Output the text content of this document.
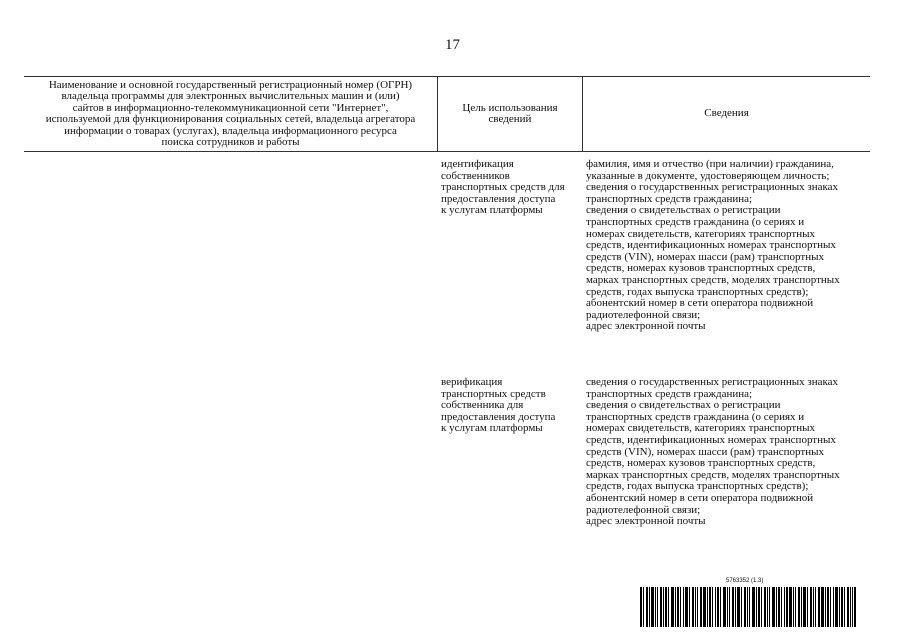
17
Наименование и основной государственный регистрационный номер (ОГРН)
владельца программы для электронных вычислительных машин и (или)
сайтов в информационно-телекоммуникационной сети "Интернет",
используемой для функционирования социальных сетей, владельца агрегатора
информации о товарах (услугах), владельца информационного ресурса
поиска сотрудников и работы
Цель использования
сведений	Сведения
идентификация
собственников
транспортных средств для
предоставления доступа
к услугам платформы
фамилия, имя и отчество (при наличии) гражданина,
указанные в документе, удостоверяющем личность;
сведения о государственных регистрационных знаках
транспортных средств гражданина;
сведения о свидетельствах о регистрации
транспортных средств гражданина (о сериях и
номерах свидетельств, категориях транспортных
средств, идентификационных номерах транспортных
средств (VIN), номерах шасси (рам) транспортных
средств, номерах кузовов транспортных средств,
марках транспортных средств, моделях транспортных
средств, годах выпуска транспортных средств);
абонентский номер в сети оператора подвижной
радиотелефонной связи;
адрес электронной почты
верификация
транспортных средств
собственника для
предоставления доступа
к услугам платформы
сведения о государственных регистрационных знаках
транспортных средств гражданина;
сведения о свидетельствах о регистрации
транспортных средств гражданина (о сериях и
номерах свидетельств, категориях транспортных
средств, идентификационных номерах транспортных
средств (VIN), номерах шасси (рам) транспортных
средств, номерах кузовов транспортных средств,
марках транспортных средств, моделях транспортных
средств, годах выпуска транспортных средств);
абонентский номер в сети оператора подвижной
радиотелефонной связи;
адрес электронной почты
5763352 (1.3)
